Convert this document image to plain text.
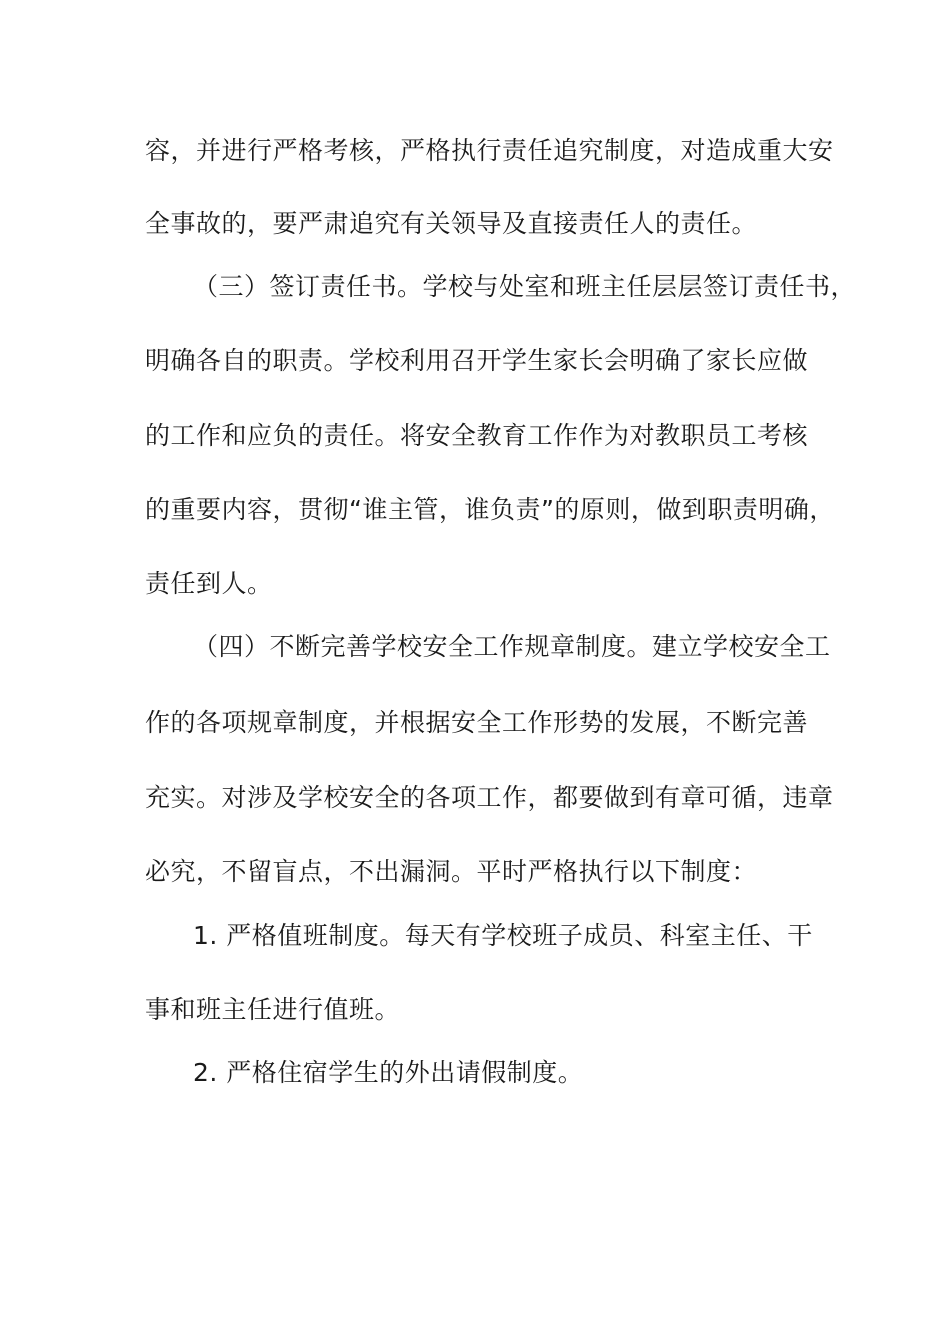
容，并进行严格考核，严格执行责任追究制度，对造成重大安
全事故的，要严肃追究有关领导及直接责任人的责任。
（三）签订责任书。学校与处室和班主任层层签订责任书，
明确各自的职责。学校利用召开学生家长会明确了家长应做
的工作和应负的责任。将安全教育工作作为对教职员工考核
的重要内容，贯彻“谁主管，谁负责”的原则，做到职责明确，
责任到人。
（四）不断完善学校安全工作规章制度。建立学校安全工
作的各项规章制度，并根据安全工作形势的发展，不断完善
充实。对涉及学校安全的各项工作，都要做到有章可循，违章
必究，不留盲点，不出漏洞。平时严格执行以下制度：
1. 严格值班制度。每天有学校班子成员、科室主任、干
事和班主任进行值班。
2. 严格住宿学生的外出请假制度。
